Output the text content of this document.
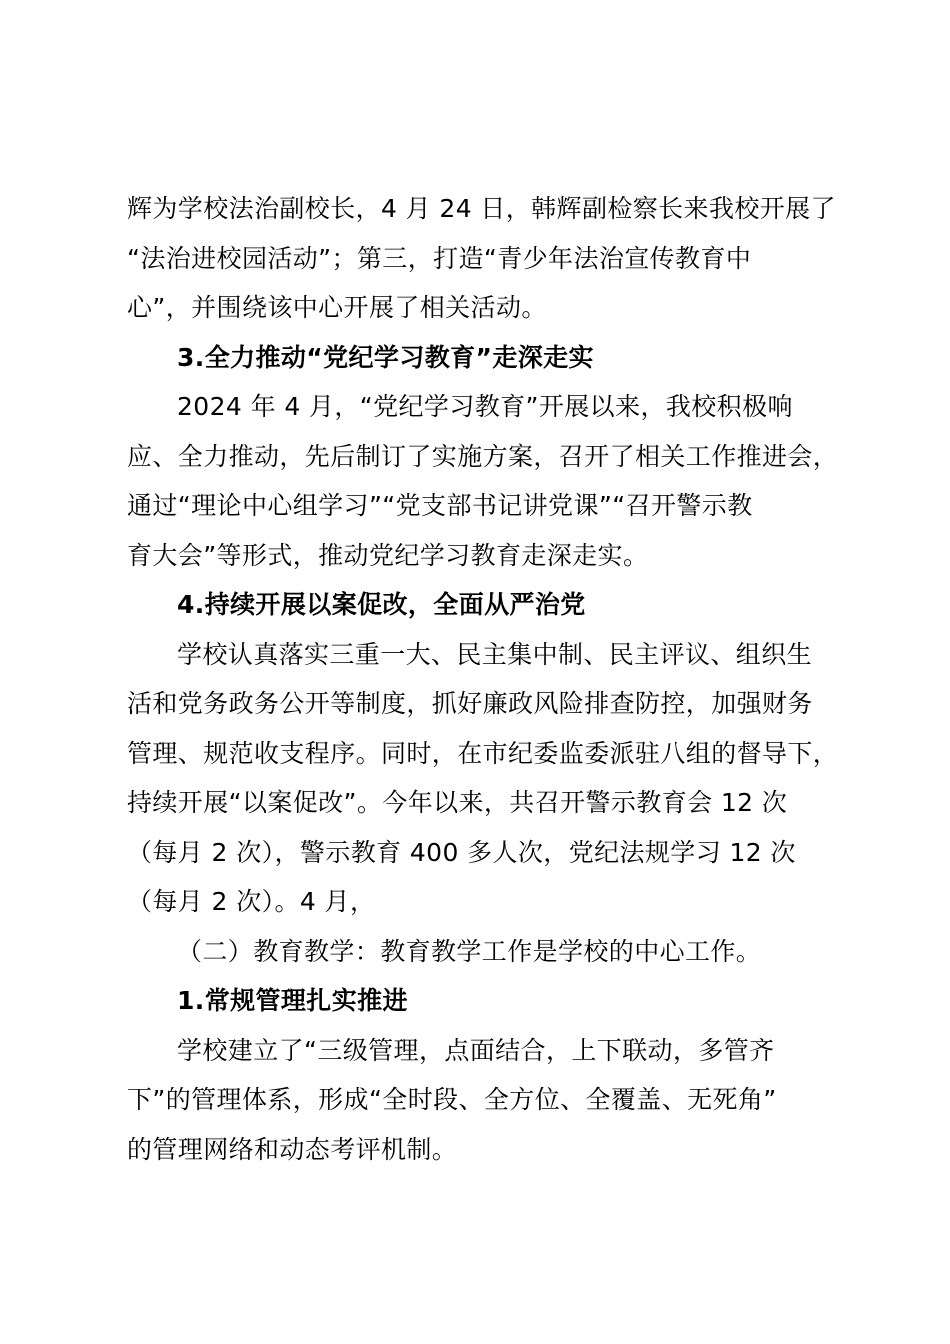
辉为学校法治副校长，4 月 24 日，韩辉副检察长来我校开展了
“法治进校园活动”；第三，打造“青少年法治宣传教育中
心”，并围绕该中心开展了相关活动。
3.全力推动“党纪学习教育”走深走实
2024 年 4 月，“党纪学习教育”开展以来，我校积极响
应、全力推动，先后制订了实施方案，召开了相关工作推进会，
通过“理论中心组学习”“党支部书记讲党课”“召开警示教
育大会”等形式，推动党纪学习教育走深走实。
4.持续开展以案促改，全面从严治党
学校认真落实三重一大、民主集中制、民主评议、组织生
活和党务政务公开等制度，抓好廉政风险排查防控，加强财务
管理、规范收支程序。同时，在市纪委监委派驻八组的督导下，
持续开展“以案促改”。今年以来，共召开警示教育会 12 次
（每月 2 次），警示教育 400 多人次，党纪法规学习 12 次
（每月 2 次）。4 月，
（二）教育教学：教育教学工作是学校的中心工作。
1.常规管理扎实推进
学校建立了“三级管理，点面结合，上下联动，多管齐
下”的管理体系，形成“全时段、全方位、全覆盖、无死角”
的管理网络和动态考评机制。
